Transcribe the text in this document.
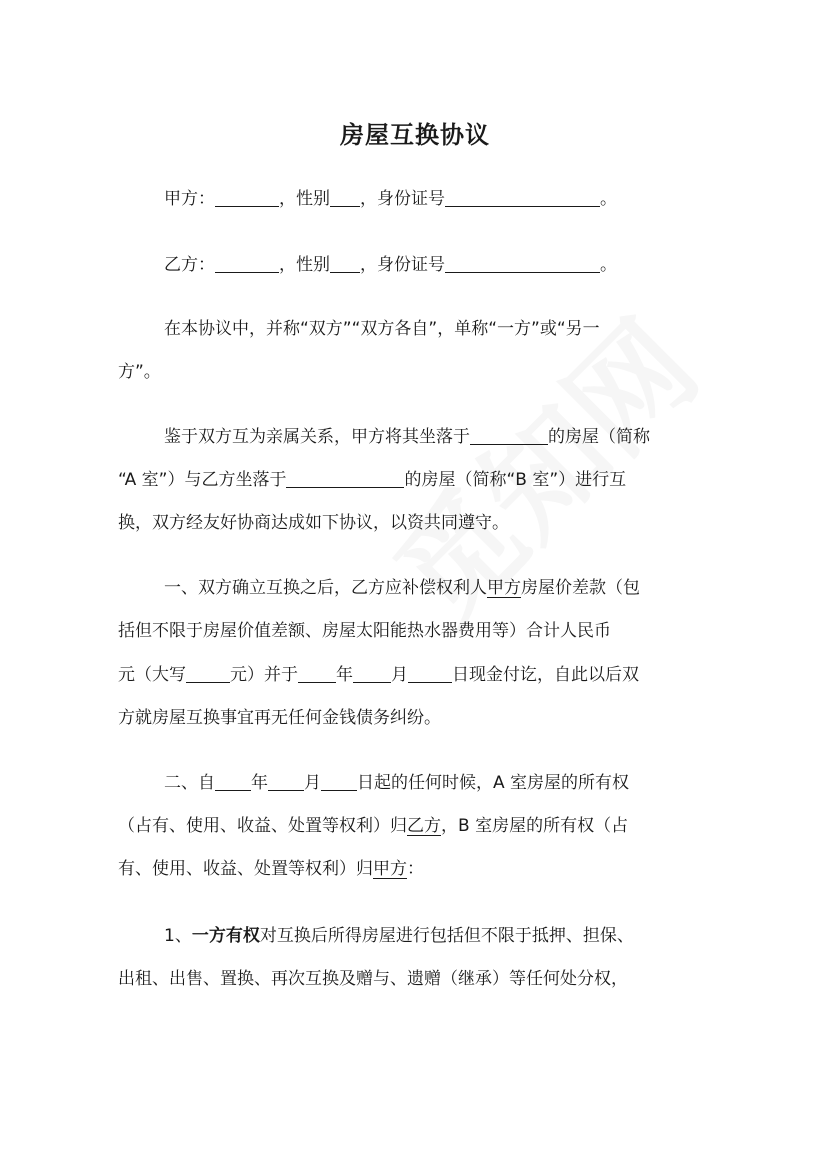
房屋互换协议
甲方：	，性别 ，身份证号	。
乙方：	，性别 ，身份证号	。
在本协议中，并称“双方”“双方各自”，单称“一方”或“另一
方”。
鉴于双方互为亲属关系，甲方将其坐落于	的房屋（简称
“A 室”）与乙方坐落于	的房屋（简称“B 室”）进行互
换，双方经友好协商达成如下协议，以资共同遵守。
一、双方确立互换之后，乙方应补偿权利人甲方房屋价差款（包
括但不限于房屋价值差额、房屋太阳能热水器费用等）合计人民币
元（大写	元）并于 年 月	日现金付讫，自此以后双
方就房屋互换事宜再无任何金钱债务纠纷。
二、自 年 月 日起的任何时候，A 室房屋的所有权
（占有、使用、收益、处置等权利）归乙方，B 室房屋的所有权（占
有、使用、收益、处置等权利）归甲方：
1、一方有权对互换后所得房屋进行包括但不限于抵押、担保、
出租、出售、置换、再次互换及赠与、遗赠（继承）等任何处分权，
